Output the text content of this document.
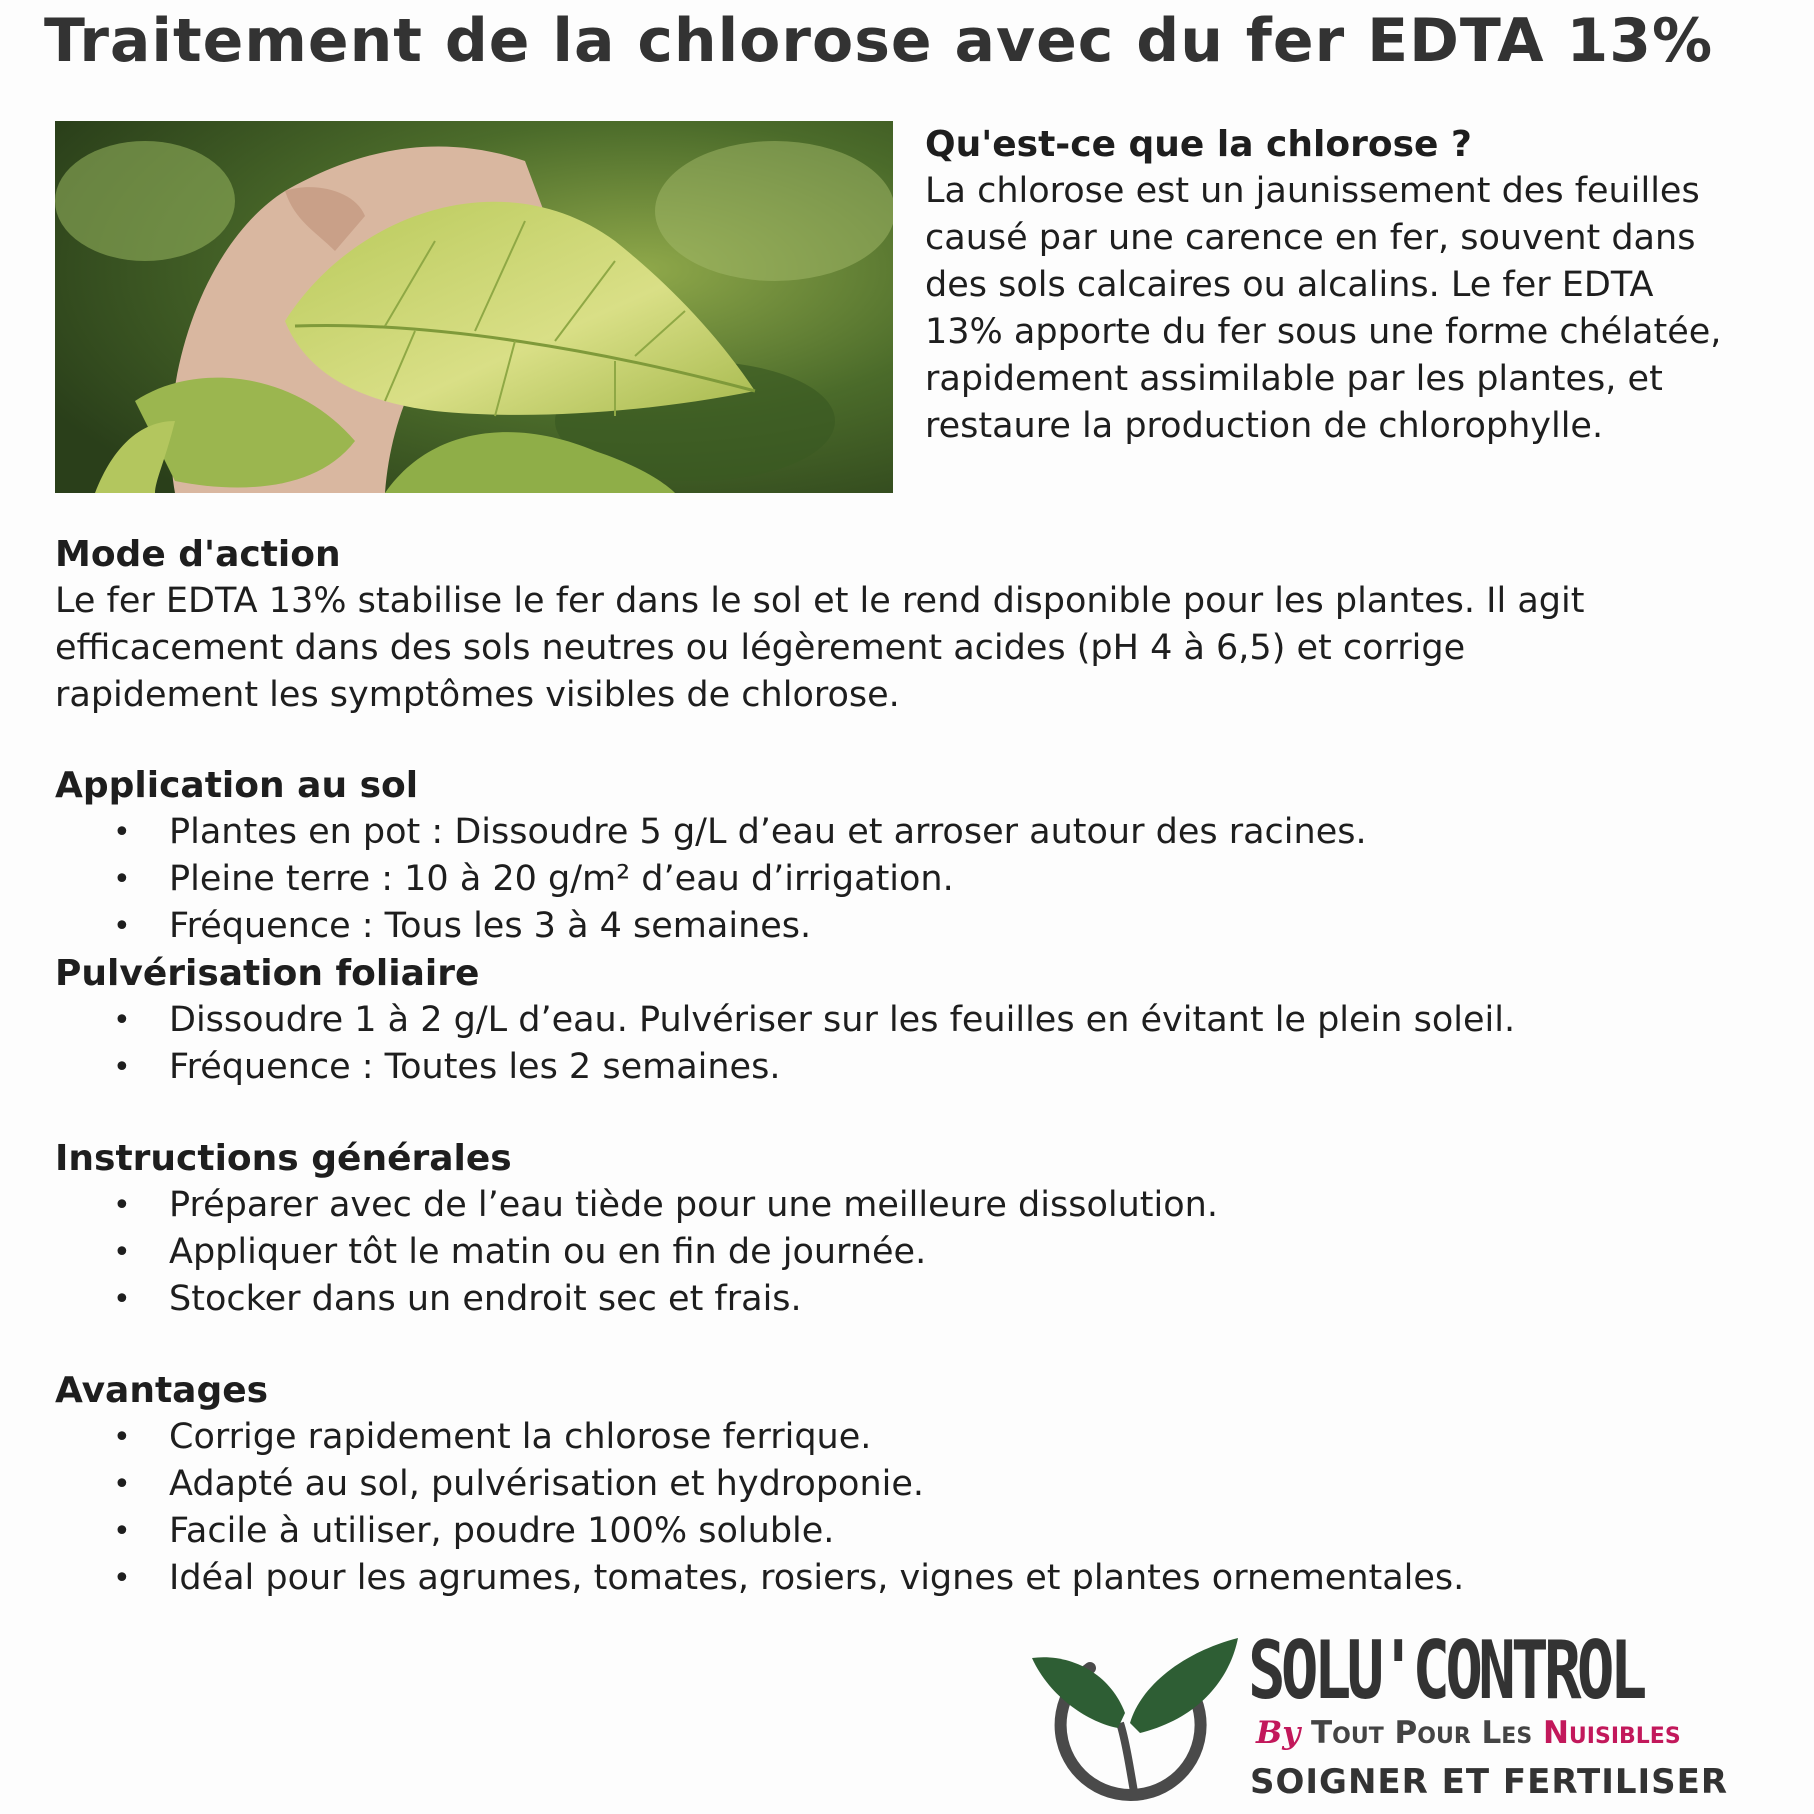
Traitement de la chlorose avec du fer EDTA 13%
Qu'est-ce que la chlorose ?

La chlorose est un jaunissement des feuilles

causé par une carence en fer, souvent dans

des sols calcaires ou alcalins. Le fer EDTA

13% apporte du fer sous une forme chélatée,

rapidement assimilable par les plantes, et

restaure la production de chlorophylle.

Mode d'action

Le fer EDTA 13% stabilise le fer dans le sol et le rend disponible pour les plantes. Il agit

efficacement dans des sols neutres ou légèrement acides (pH 4 à 6,5) et corrige

rapidement les symptômes visibles de chlorose.

Application au sol
• Plantes en pot : Dissoudre 5 g/L d’eau et arroser autour des racines.
• Pleine terre : 10 à 20 g/m² d’eau d’irrigation.
• Fréquence : Tous les 3 à 4 semaines.
Pulvérisation foliaire
• Dissoudre 1 à 2 g/L d’eau. Pulvériser sur les feuilles en évitant le plein soleil.
• Fréquence : Toutes les 2 semaines.
Instructions générales
• Préparer avec de l’eau tiède pour une meilleure dissolution.
• Appliquer tôt le matin ou en fin de journée.
• Stocker dans un endroit sec et frais.
Avantages
• Corrige rapidement la chlorose ferrique.
• Adapté au sol, pulvérisation et hydroponie.
• Facile à utiliser, poudre 100% soluble.
• Idéal pour les agrumes, tomates, rosiers, vignes et plantes ornementales.
SOLU'CONTROL
By Tout Pour Les Nuisibles
SOIGNER ET FERTILISER
